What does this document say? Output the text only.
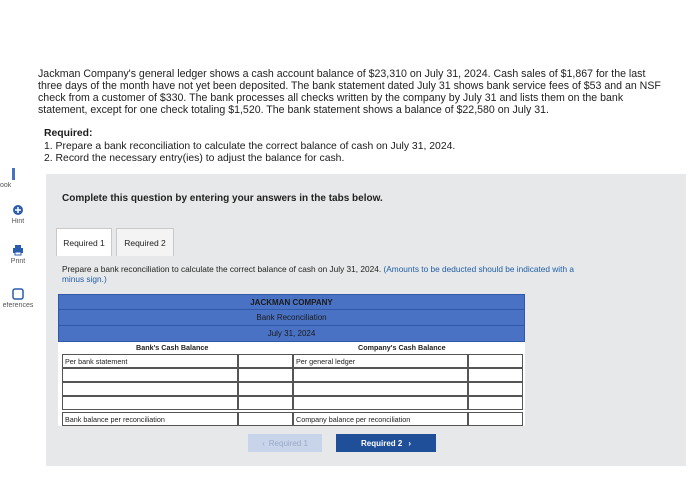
ook
Hint
Print
eferences
Jackman Company's general ledger shows a cash account balance of $23,310 on July 31, 2024. Cash sales of $1,867 for the last three days of the month have not yet been deposited. The bank statement dated July 31 shows bank service fees of $53 and an NSF check from a customer of $330. The bank processes all checks written by the company by July 31 and lists them on the bank statement, except for one check totaling $1,520. The bank statement shows a balance of $22,580 on July 31.
Required:
1. Prepare a bank reconciliation to calculate the correct balance of cash on July 31, 2024.
2. Record the necessary entry(ies) to adjust the balance for cash.
Complete this question by entering your answers in the tabs below.
Required 1	Required 2
Prepare a bank reconciliation to calculate the correct balance of cash on July 31, 2024. (Amounts to be deducted should be indicated with a minus sign.)
JACKMAN COMPANY
Bank Reconciliation
July 31, 2024
Bank's Cash Balance	Company's Cash Balance
Per bank statement	Per general ledger
Bank balance per reconciliation	Company balance per reconciliation
‹ Required 1	Required 2 ›
